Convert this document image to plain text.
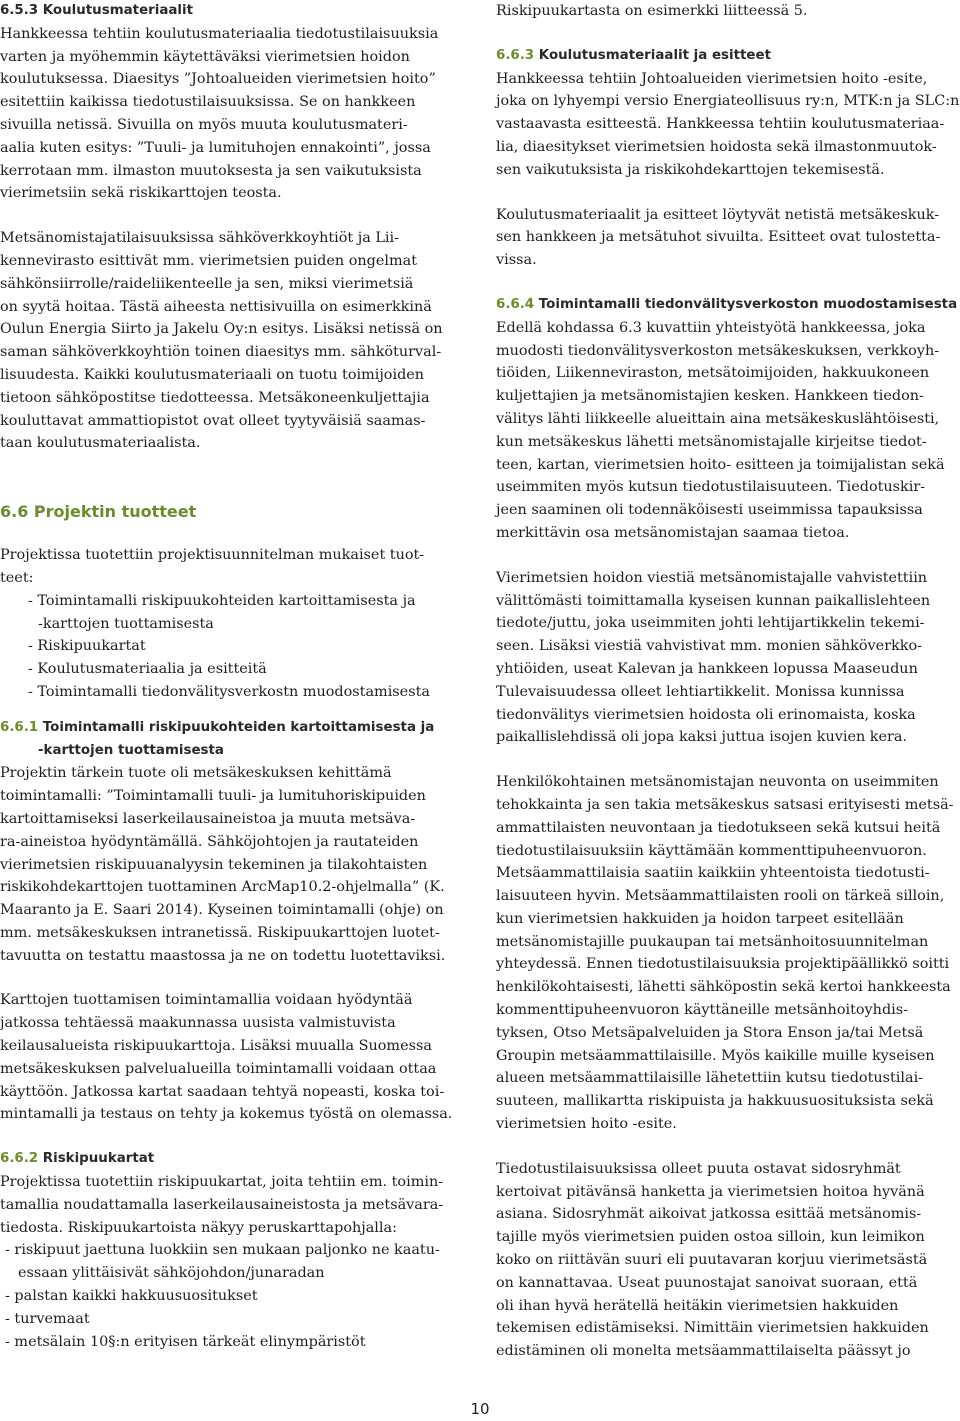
6.5.3 Koulutusmateriaalit
Hankkeessa tehtiin koulutusmateriaalia tiedotustilaisuuksia
varten ja myöhemmin käytettäväksi vierimetsien hoidon
koulutuksessa. Diaesitys ”Johtoalueiden vierimetsien hoito”
esitettiin kaikissa tiedotustilaisuuksissa. Se on hankkeen
sivuilla netissä. Sivuilla on myös muuta koulutusmateri-
aalia kuten esitys: ”Tuuli- ja lumituhojen ennakointi”, jossa
kerrotaan mm. ilmaston muutoksesta ja sen vaikutuksista
vierimetsiin sekä riskikarttojen teosta.
Metsänomistajatilaisuuksissa sähköverkkoyhtiöt ja Lii-
kennevirasto esittivät mm. vierimetsien puiden ongelmat
sähkönsiirrolle/raideliikenteelle ja sen, miksi vierimetsiä
on syytä hoitaa. Tästä aiheesta nettisivuilla on esimerkkinä
Oulun Energia Siirto ja Jakelu Oy:n esitys. Lisäksi netissä on
saman sähköverkkoyhtiön toinen diaesitys mm. sähköturval-
lisuudesta. Kaikki koulutusmateriaali on tuotu toimijoiden
tietoon sähköpostitse tiedotteessa. Metsäkoneenkuljettajia
kouluttavat ammattiopistot ovat olleet tyytyväisiä saamas-
taan koulutusmateriaalista.
6.6 Projektin tuotteet
Projektissa tuotettiin projektisuunnitelman mukaiset tuot-
teet:
- Toimintamalli riskipuukohteiden kartoittamisesta ja
-karttojen tuottamisesta
- Riskipuukartat
- Koulutusmateriaalia ja esitteitä
- Toimintamalli tiedonvälitysverkostn muodostamisesta
6.6.1 Toimintamalli riskipuukohteiden kartoittamisesta ja
-karttojen tuottamisesta
Projektin tärkein tuote oli metsäkeskuksen kehittämä
toimintamalli: ”Toimintamalli tuuli- ja lumituhoriskipuiden
kartoittamiseksi laserkeilausaineistoa ja muuta metsäva-
ra-aineistoa hyödyntämällä. Sähköjohtojen ja rautateiden
vierimetsien riskipuuanalyysin tekeminen ja tilakohtaisten
riskikohdekarttojen tuottaminen ArcMap10.2-ohjelmalla” (K.
Maaranto ja E. Saari 2014). Kyseinen toimintamalli (ohje) on
mm. metsäkeskuksen intranetissä. Riskipuukarttojen luotet-
tavuutta on testattu maastossa ja ne on todettu luotettaviksi.
Karttojen tuottamisen toimintamallia voidaan hyödyntää
jatkossa tehtäessä maakunnassa uusista valmistuvista
keilausalueista riskipuukarttoja. Lisäksi muualla Suomessa
metsäkeskuksen palvelualueilla toimintamalli voidaan ottaa
käyttöön. Jatkossa kartat saadaan tehtyä nopeasti, koska toi-
mintamalli ja testaus on tehty ja kokemus työstä on olemassa.
6.6.2 Riskipuukartat
Projektissa tuotettiin riskipuukartat, joita tehtiin em. toimin-
tamallia noudattamalla laserkeilausaineistosta ja metsävara-
tiedosta. Riskipuukartoista näkyy peruskarttapohjalla:
- riskipuut jaettuna luokkiin sen mukaan paljonko ne kaatu-
essaan ylittäisivät sähköjohdon/junaradan
- palstan kaikki hakkuusuositukset
- turvemaat
- metsälain 10§:n erityisen tärkeät elinympäristöt
Riskipuukartasta on esimerkki liitteessä 5.
6.6.3 Koulutusmateriaalit ja esitteet
Hankkeessa tehtiin Johtoalueiden vierimetsien hoito -esite,
joka on lyhyempi versio Energiateollisuus ry:n, MTK:n ja SLC:n
vastaavasta esitteestä. Hankkeessa tehtiin koulutusmateriaa-
lia, diaesitykset vierimetsien hoidosta sekä ilmastonmuutok-
sen vaikutuksista ja riskikohdekarttojen tekemisestä.
Koulutusmateriaalit ja esitteet löytyvät netistä metsäkeskuk-
sen hankkeen ja metsätuhot sivuilta. Esitteet ovat tulostetta-
vissa.
6.6.4 Toimintamalli tiedonvälitysverkoston muodostamisesta
Edellä kohdassa 6.3 kuvattiin yhteistyötä hankkeessa, joka
muodosti tiedonvälitysverkoston metsäkeskuksen, verkkoyh-
tiöiden, Liikenneviraston, metsätoimijoiden, hakkuukoneen
kuljettajien ja metsänomistajien kesken. Hankkeen tiedon-
välitys lähti liikkeelle alueittain aina metsäkeskuslähtöisesti,
kun metsäkeskus lähetti metsänomistajalle kirjeitse tiedot-
teen, kartan, vierimetsien hoito- esitteen ja toimijalistan sekä
useimmiten myös kutsun tiedotustilaisuuteen. Tiedotuskir-
jeen saaminen oli todennäköisesti useimmissa tapauksissa
merkittävin osa metsänomistajan saamaa tietoa.
Vierimetsien hoidon viestiä metsänomistajalle vahvistettiin
välittömästi toimittamalla kyseisen kunnan paikallislehteen
tiedote/juttu, joka useimmiten johti lehtijartikkelin tekemi-
seen. Lisäksi viestiä vahvistivat mm. monien sähköverkko-
yhtiöiden, useat Kalevan ja hankkeen lopussa Maaseudun
Tulevaisuudessa olleet lehtiartikkelit. Monissa kunnissa
tiedonvälitys vierimetsien hoidosta oli erinomaista, koska
paikallislehdissä oli jopa kaksi juttua isojen kuvien kera.
Henkilökohtainen metsänomistajan neuvonta on useimmiten
tehokkainta ja sen takia metsäkeskus satsasi erityisesti metsä-
ammattilaisten neuvontaan ja tiedotukseen sekä kutsui heitä
tiedotustilaisuuksiin käyttämään kommenttipuheenvuoron.
Metsäammattilaisia saatiin kaikkiin yhteentoista tiedotusti-
laisuuteen hyvin. Metsäammattilaisten rooli on tärkeä silloin,
kun vierimetsien hakkuiden ja hoidon tarpeet esitellään
metsänomistajille puukaupan tai metsänhoitosuunnitelman
yhteydessä. Ennen tiedotustilaisuuksia projektipäällikkö soitti
henkilökohtaisesti, lähetti sähköpostin sekä kertoi hankkeesta
kommenttipuheenvuoron käyttäneille metsänhoitoyhdis-
tyksen, Otso Metsäpalveluiden ja Stora Enson ja/tai Metsä
Groupin metsäammattilaisille. Myös kaikille muille kyseisen
alueen metsäammattilaisille lähetettiin kutsu tiedotustilai-
suuteen, mallikartta riskipuista ja hakkuusuosituksista sekä
vierimetsien hoito -esite.
Tiedotustilaisuuksissa olleet puuta ostavat sidosryhmät
kertoivat pitävänsä hanketta ja vierimetsien hoitoa hyvänä
asiana. Sidosryhmät aikoivat jatkossa esittää metsänomis-
tajille myös vierimetsien puiden ostoa silloin, kun leimikon
koko on riittävän suuri eli puutavaran korjuu vierimetsästä
on kannattavaa. Useat puunostajat sanoivat suoraan, että
oli ihan hyvä herätellä heitäkin vierimetsien hakkuiden
tekemisen edistämiseksi. Nimittäin vierimetsien hakkuiden
edistäminen oli monelta metsäammattilaiselta päässyt jo
10
